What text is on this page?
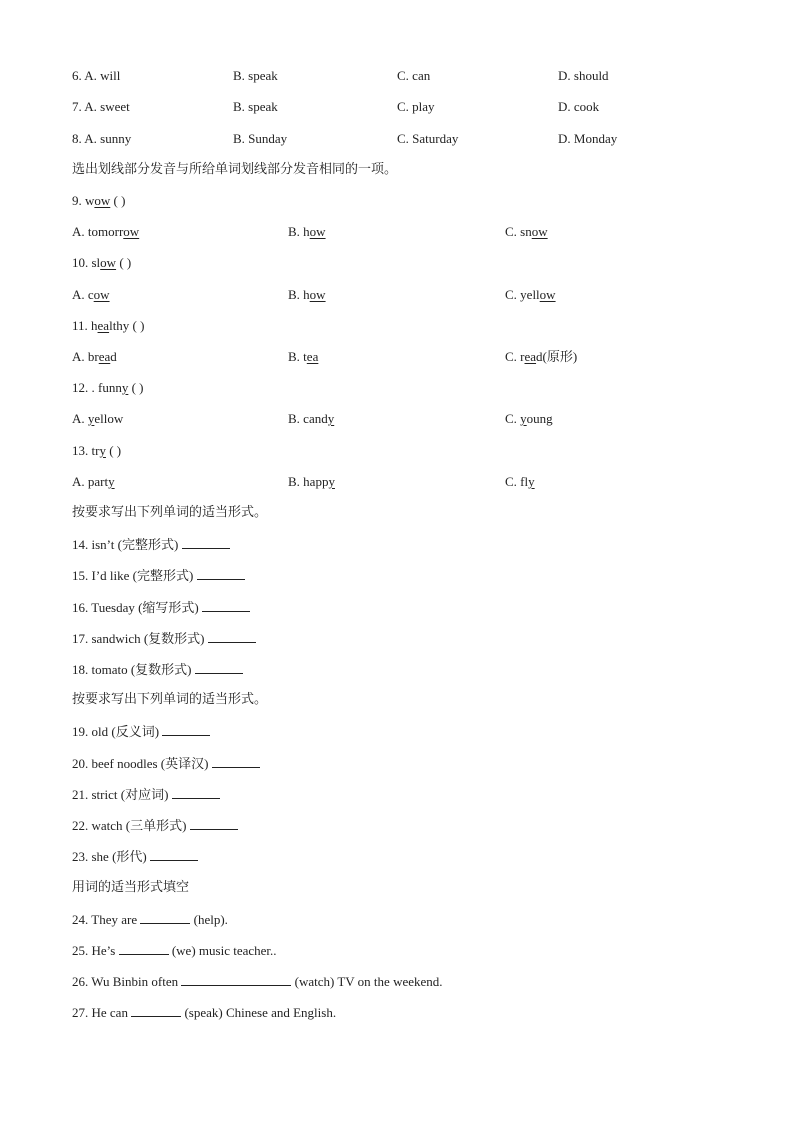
6. A. will	B. speak	C. can	D. should
7. A. sweet	B. speak	C. play	D. cook
8. A. sunny	B. Sunday	C. Saturday	D. Monday
选出划线部分发音与所给单词划线部分发音相同的一项。
9. wow ( )
A. tomorrow	B. how	C. snow
10. slow ( )
A. cow	B. how	C. yellow
11. healthy ( )
A. bread	B. tea	C. read(原形)
12. . funny ( )
A. yellow	B. candy	C. young
13. try ( )
A. party	B. happy	C. fly
按要求写出下列单词的适当形式。
14. isn’t (完整形式)
15. I’d like (完整形式)
16. Tuesday (缩写形式)
17. sandwich (复数形式)
18. tomato (复数形式)
按要求写出下列单词的适当形式。
19. old (反义词)
20. beef noodles (英译汉)
21. strict (对应词)
22. watch (三单形式)
23. she (形代)
用词的适当形式填空
24. They are	(help).
25. He’s	(we) music teacher..
26. Wu Binbin often	(watch) TV on the weekend.
27. He can	(speak) Chinese and English.
